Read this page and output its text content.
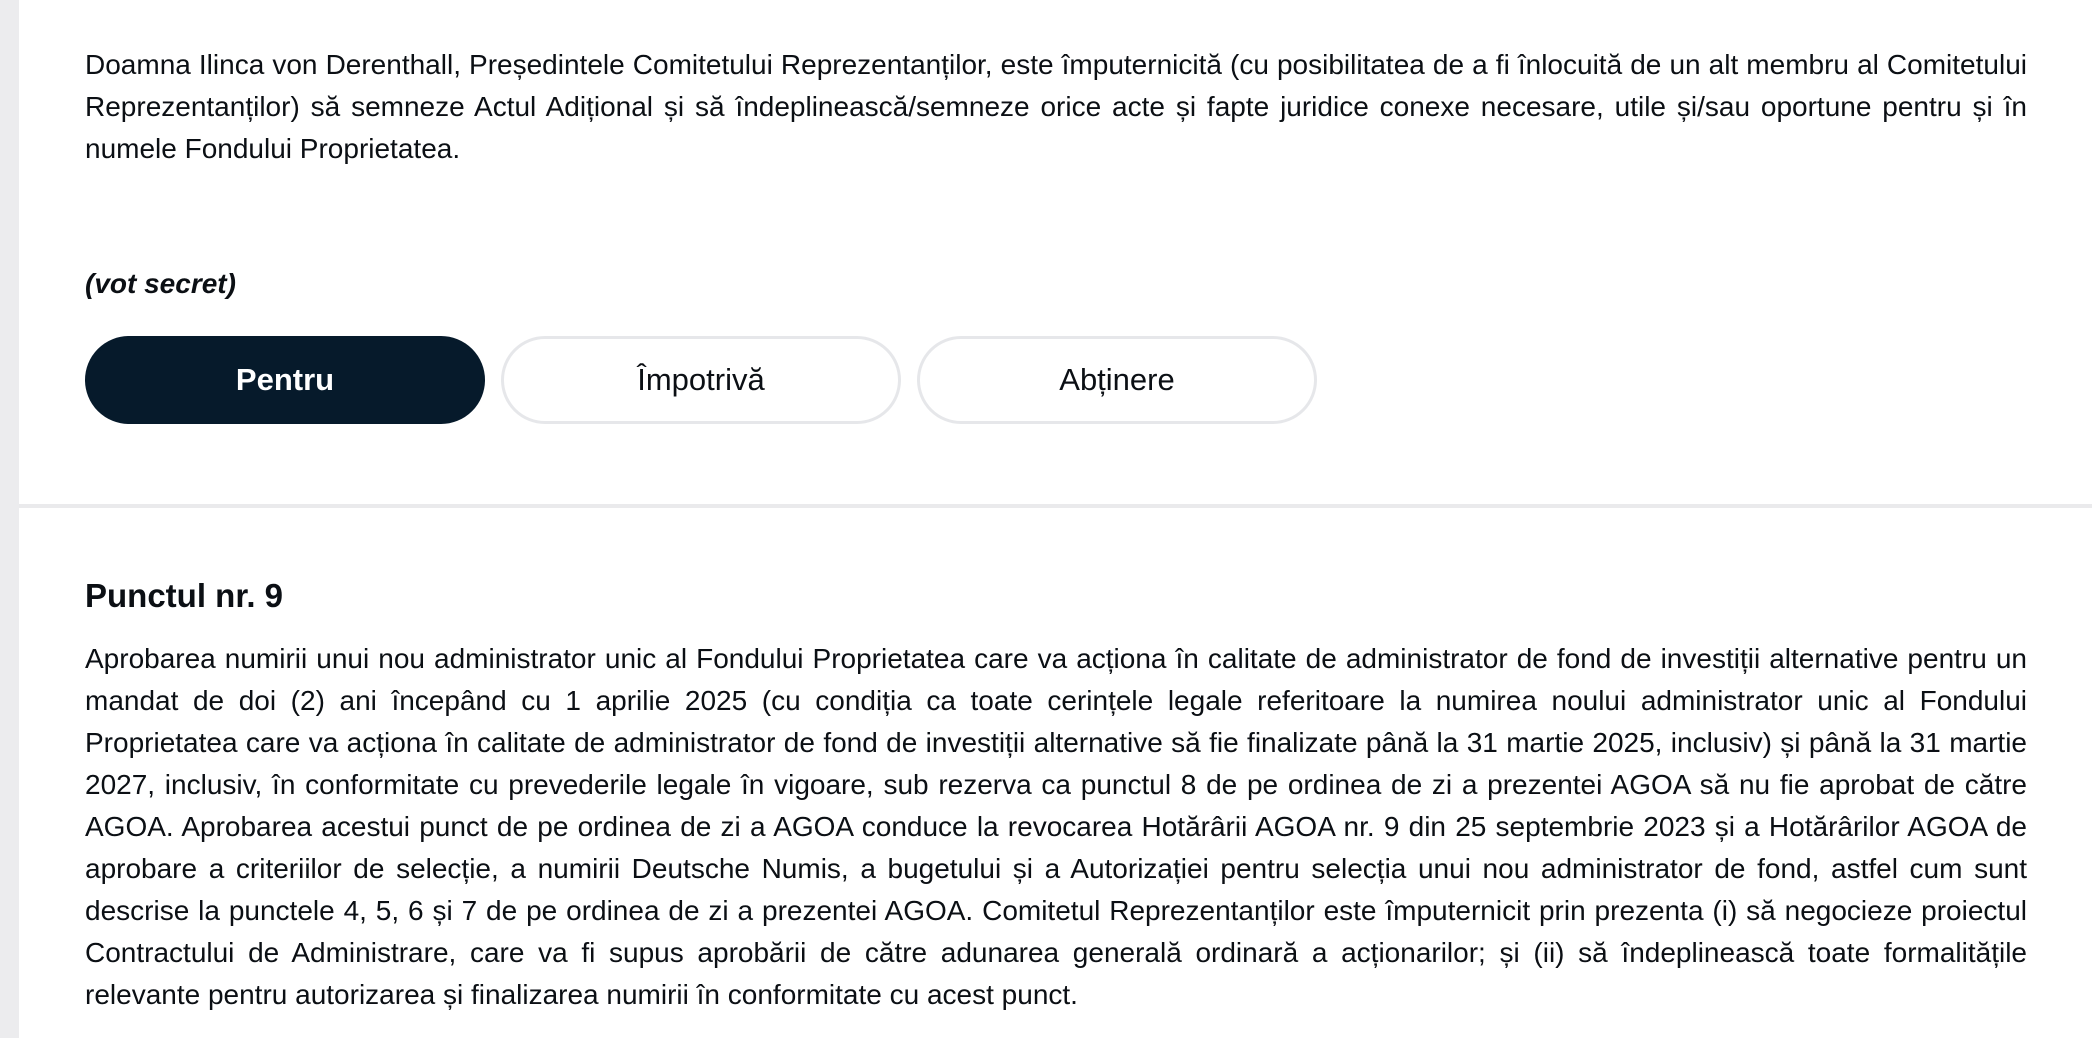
Doamna Ilinca von Derenthall, Președintele Comitetului Reprezentanților, este împuternicită (cu posibilitatea de a fi înlocuită de un alt membru al Comitetului Reprezentanților) să semneze Actul Adițional și să îndeplinească/semneze orice acte și fapte juridice conexe necesare, utile și/sau oportune pentru și în numele Fondului Proprietatea.

(vot secret)
Pentru	Împotrivă	Abținere
Punctul nr. 9

Aprobarea numirii unui nou administrator unic al Fondului Proprietatea care va acționa în calitate de administrator de fond de investiții alternative pentru un mandat de doi (2) ani începând cu 1 aprilie 2025 (cu condiția ca toate cerințele legale referitoare la numirea noului administrator unic al Fondului Proprietatea care va acționa în calitate de administrator de fond de investiții alternative să fie finalizate până la 31 martie 2025, inclusiv) și până la 31 martie 2027, inclusiv, în conformitate cu prevederile legale în vigoare, sub rezerva ca punctul 8 de pe ordinea de zi a prezentei AGOA să nu fie aprobat de către AGOA. Aprobarea acestui punct de pe ordinea de zi a AGOA conduce la revocarea Hotărârii AGOA nr. 9 din 25 septembrie 2023 și a Hotărârilor AGOA de aprobare a criteriilor de selecție, a numirii Deutsche Numis, a bugetului și a Autorizației pentru selecția unui nou administrator de fond, astfel cum sunt descrise la punctele 4, 5, 6 și 7 de pe ordinea de zi a prezentei AGOA. Comitetul Reprezentanților este împuternicit prin prezenta (i) să negocieze proiectul Contractului de Administrare, care va fi supus aprobării de către adunarea generală ordinară a acționarilor; și (ii) să îndeplinească toate formalitățile relevante pentru autorizarea și finalizarea numirii în conformitate cu acest punct.
